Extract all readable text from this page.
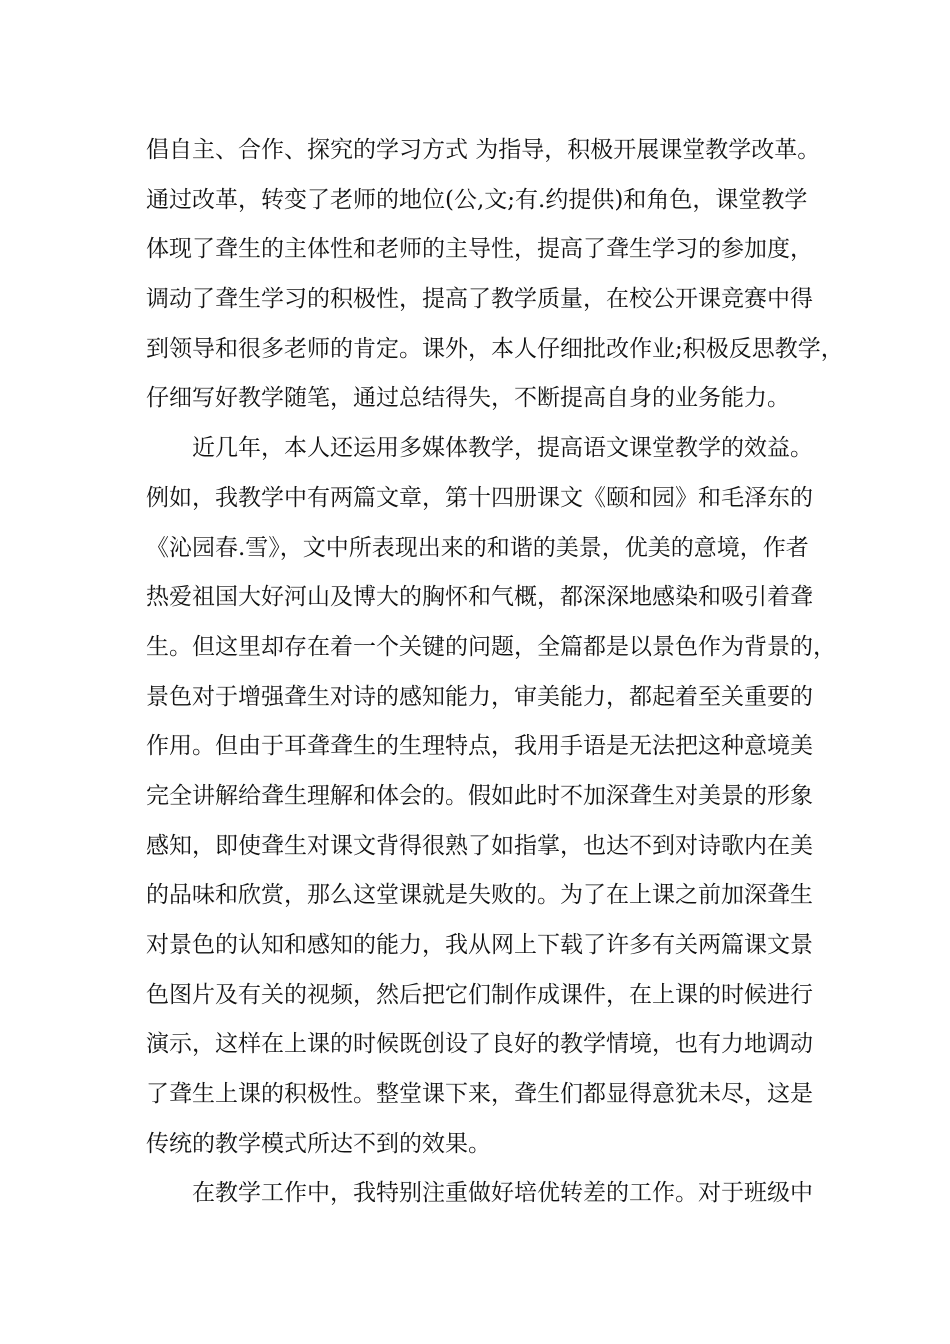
倡自主、合作、探究的学习方式 为指导，积极开展课堂教学改革。
通过改革，转变了老师的地位(公,文;有.约提供)和角色，课堂教学
体现了聋生的主体性和老师的主导性，提高了聋生学习的参加度，
调动了聋生学习的积极性，提高了教学质量，在校公开课竞赛中得
到领导和很多老师的肯定。课外，本人仔细批改作业;积极反思教学，
仔细写好教学随笔，通过总结得失，不断提高自身的业务能力。
近几年，本人还运用多媒体教学，提高语文课堂教学的效益。
例如，我教学中有两篇文章，第十四册课文《颐和园》和毛泽东的
《沁园春.雪》，文中所表现出来的和谐的美景，优美的意境，作者
热爱祖国大好河山及博大的胸怀和气概，都深深地感染和吸引着聋
生。但这里却存在着一个关键的问题，全篇都是以景色作为背景的，
景色对于增强聋生对诗的感知能力，审美能力，都起着至关重要的
作用。但由于耳聋聋生的生理特点，我用手语是无法把这种意境美
完全讲解给聋生理解和体会的。假如此时不加深聋生对美景的形象
感知，即使聋生对课文背得很熟了如指掌，也达不到对诗歌内在美
的品味和欣赏，那么这堂课就是失败的。为了在上课之前加深聋生
对景色的认知和感知的能力，我从网上下载了许多有关两篇课文景
色图片及有关的视频，然后把它们制作成课件，在上课的时候进行
演示，这样在上课的时候既创设了良好的教学情境，也有力地调动
了聋生上课的积极性。整堂课下来，聋生们都显得意犹未尽，这是
传统的教学模式所达不到的效果。
在教学工作中，我特别注重做好培优转差的工作。对于班级中
